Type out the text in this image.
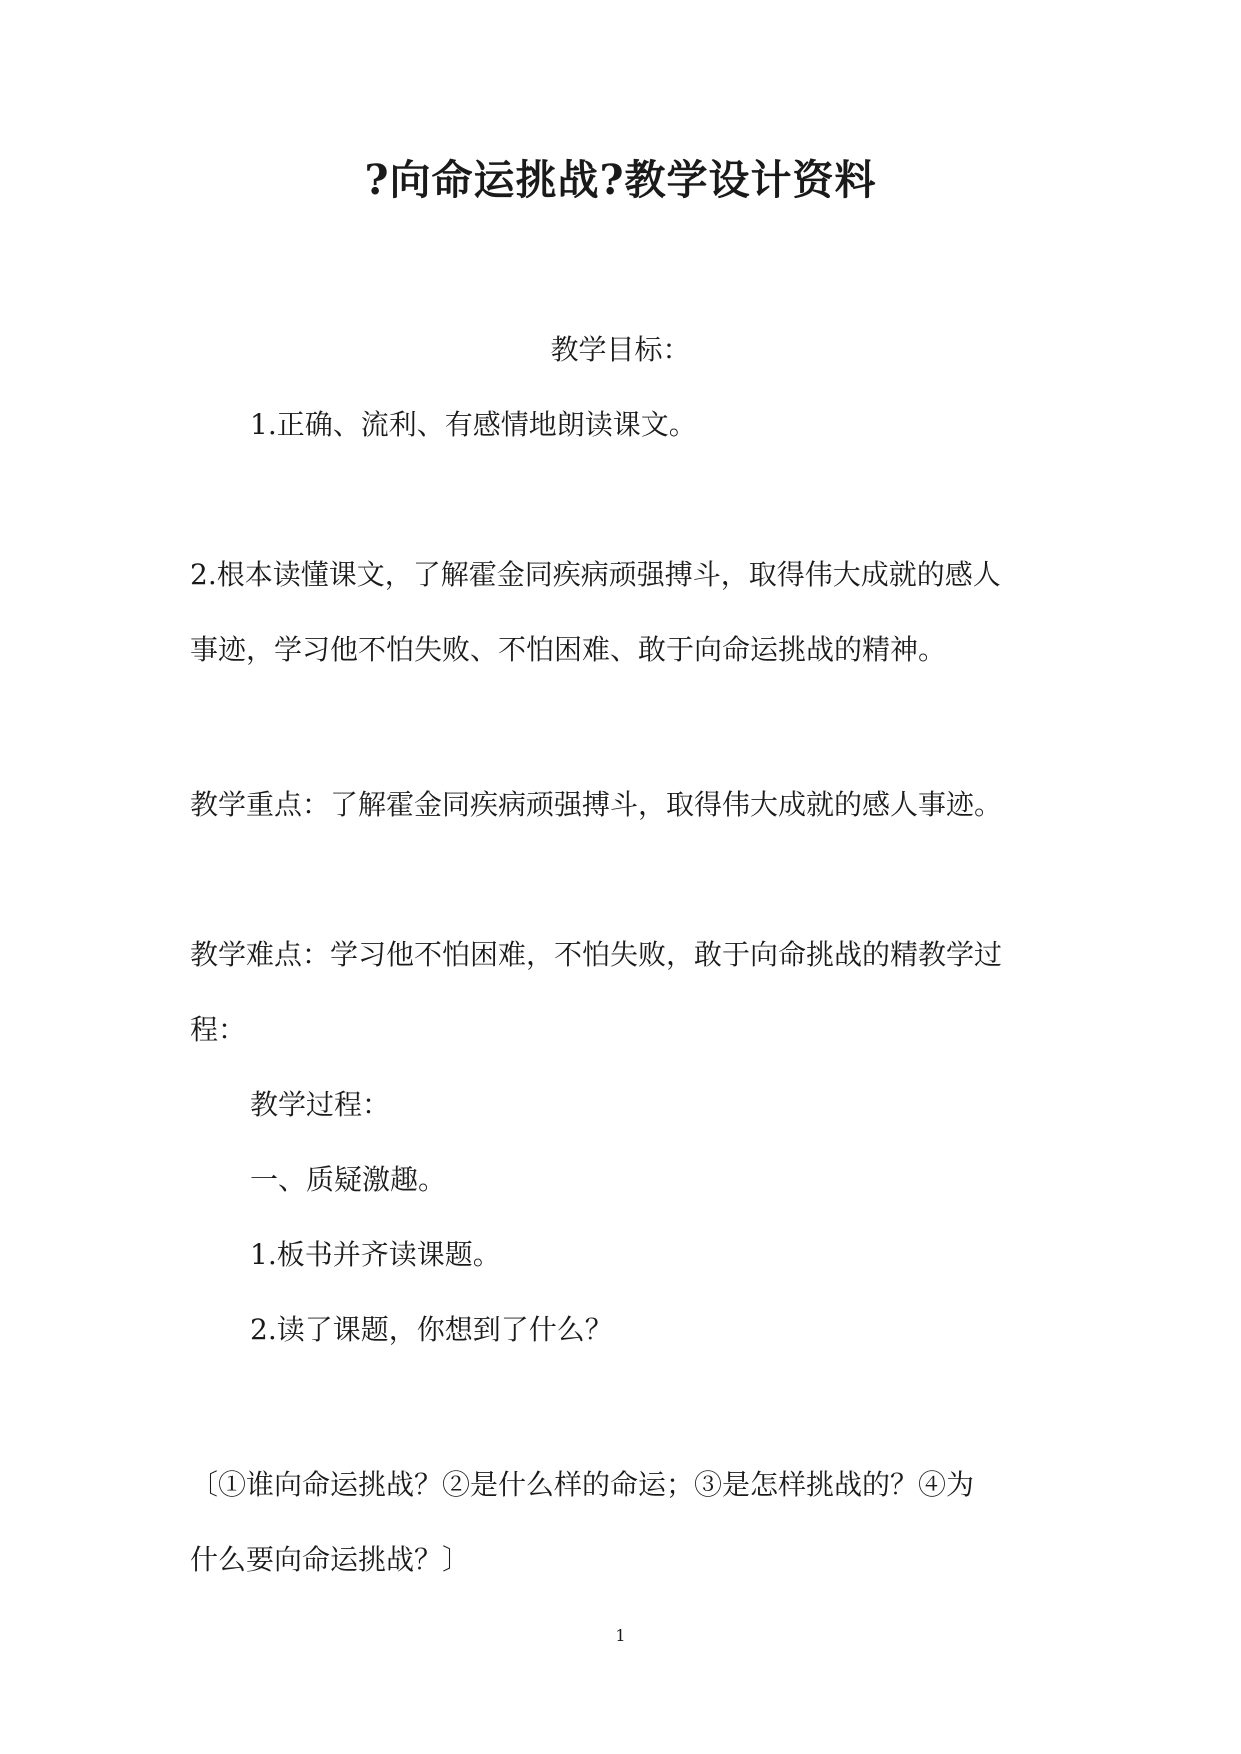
?向命运挑战?教学设计资料
教学目标：
1.正确、流利、有感情地朗读课文。
2.根本读懂课文，了解霍金同疾病顽强搏斗，取得伟大成就的感人
事迹，学习他不怕失败、不怕困难、敢于向命运挑战的精神。
教学重点：了解霍金同疾病顽强搏斗，取得伟大成就的感人事迹。
教学难点：学习他不怕困难，不怕失败，敢于向命挑战的精教学过
程：
教学过程：
一、质疑激趣。
1.板书并齐读课题。
2.读了课题，你想到了什么？
〔①谁向命运挑战？②是什么样的命运；③是怎样挑战的？④为
什么要向命运挑战？〕
1
